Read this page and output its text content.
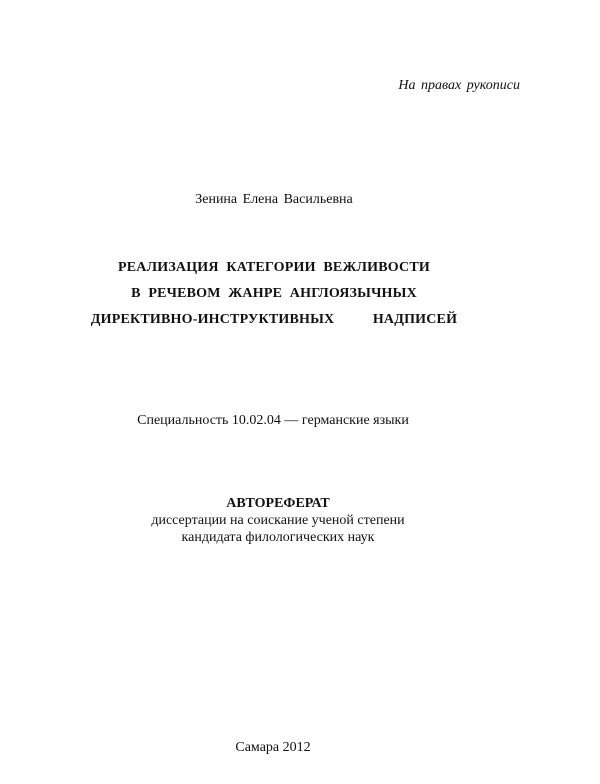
На правах рукописи
Зенина Елена Васильевна
РЕАЛИЗАЦИЯ КАТЕГОРИИ ВЕЖЛИВОСТИ
В РЕЧЕВОМ ЖАНРЕ АНГЛОЯЗЫЧНЫХ
ДИРЕКТИВНО-ИНСТРУКТИВНЫХ     НАДПИСЕЙ
Специальность 10.02.04 — германские языки
АВТОРЕФЕРАТ
диссертации на соискание ученой степени
кандидата филологических наук
Самара 2012
